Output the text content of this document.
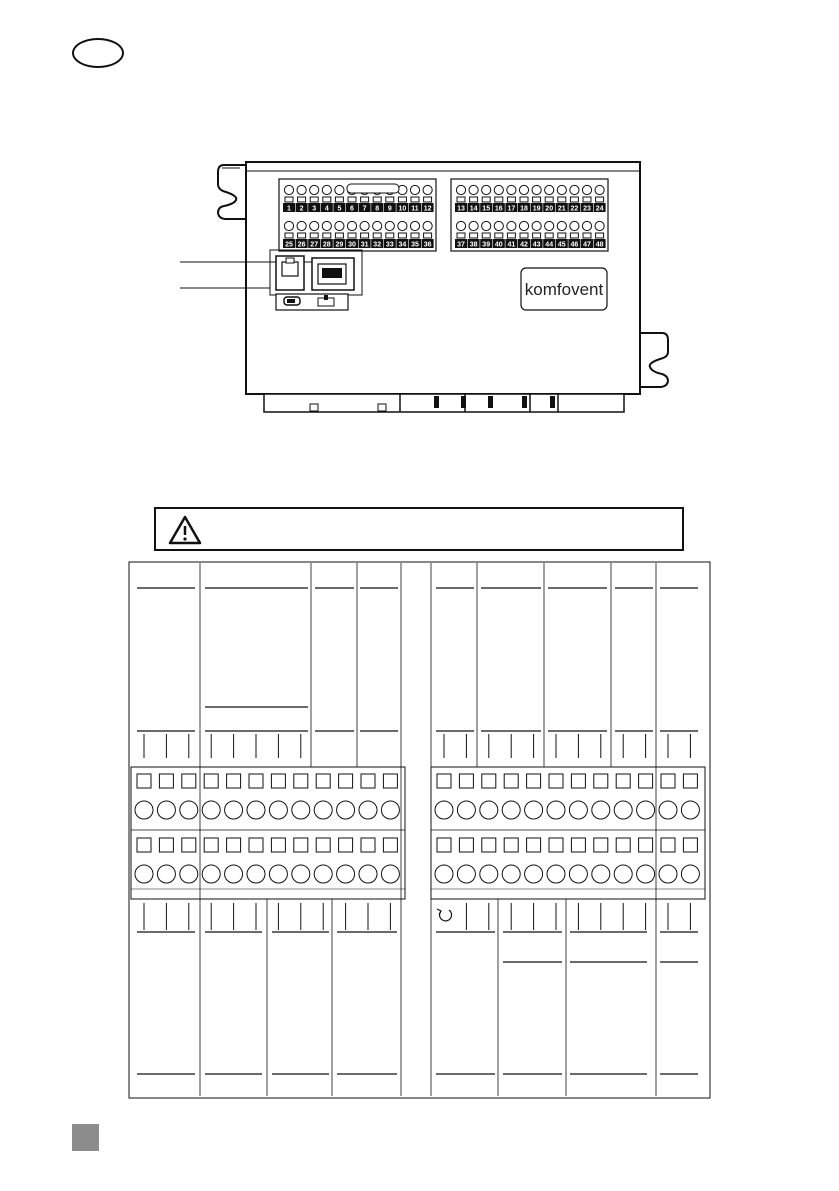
1 2 3 4 5 6 7 8 9 10 11 12
25 26 27 28 29 30 31 32 33 34 35 36
13 14 15 16 17 18 19 20 21 22 23 24
37 38 39 40 41 42 43 44 45 46 47 48
komfovent
